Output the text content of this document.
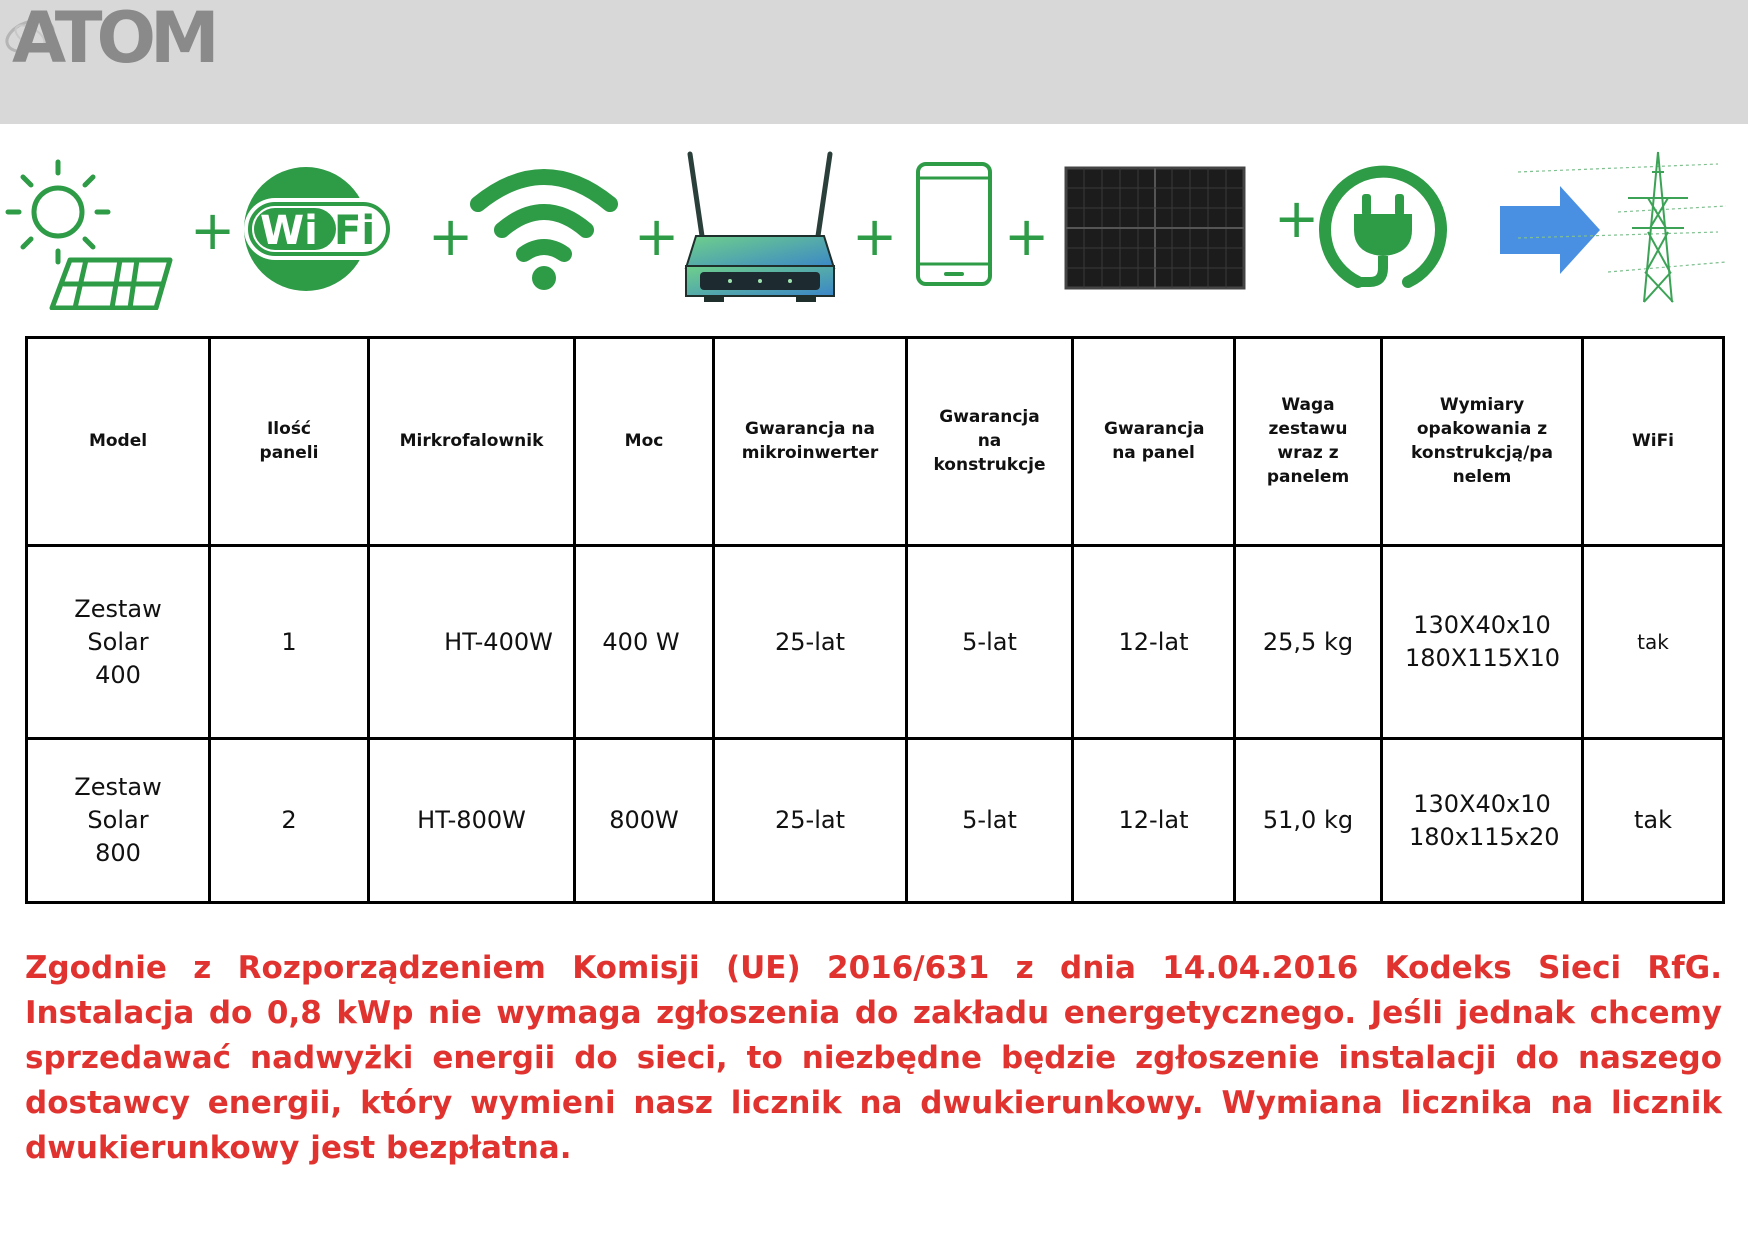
ATOM
+ Wi Fi +	+	+ +	+
Model	Ilość paneli	Mirkrofalownik	Moc	Gwarancja na mikroinwerter	Gwarancja na konstrukcje	Gwarancja na panel	Waga zestawu wraz z panelem	Wymiary opakowania z konstrukcją/pa nelem	WiFi
Zestaw Solar 400	1	HT-400W	400 W	25-lat	5-lat	12-lat	25,5 kg	130X40x10 180X115X10	tak
Zestaw Solar 800	2	HT-800W	800W	25-lat	5-lat	12-lat	51,0 kg	130X40x10 180x115x20	tak
Zgodnie z Rozporządzeniem Komisji (UE) 2016/631 z dnia 14.04.2016 Kodeks Sieci RfG. Instalacja do 0,8 kWp nie wymaga zgłoszenia do zakładu energetycznego. Jeśli jednak chcemy sprzedawać nadwyżki energii do sieci, to niezbędne będzie zgłoszenie instalacji do naszego dostawcy energii, który wymieni nasz licznik na dwukierunkowy. Wymiana licznika na licznik dwukierunkowy jest bezpłatna.
